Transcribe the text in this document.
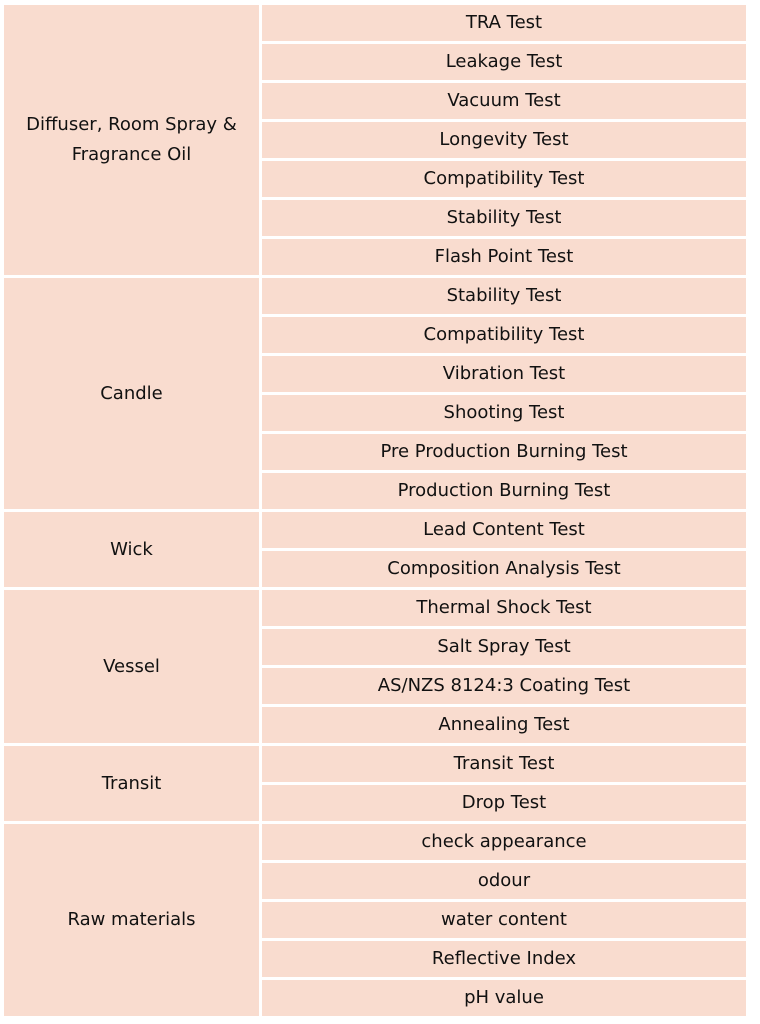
Diffuser, Room Spray & Fragrance Oil	TRA Test
	Leakage Test
	Vacuum Test
	Longevity Test
	Compatibility Test
	Stability Test
	Flash Point Test
Candle	Stability Test
	Compatibility Test
	Vibration Test
	Shooting Test
	Pre Production Burning Test
	Production Burning Test
Wick	Lead Content Test
	Composition Analysis Test
Vessel	Thermal Shock Test
	Salt Spray Test
	AS/NZS 8124:3 Coating Test
	Annealing Test
Transit	Transit Test
	Drop Test
Raw materials	check appearance
	odour
	water content
	Reflective Index
	pH value
